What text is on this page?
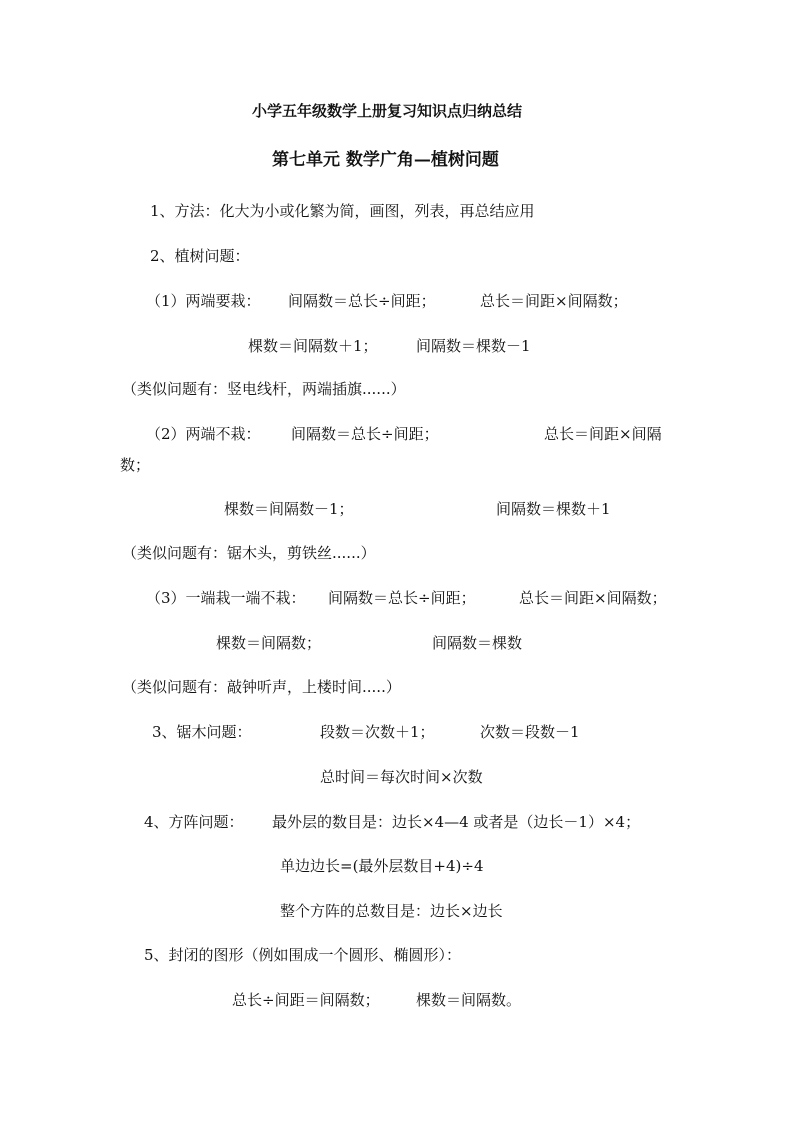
小学五年级数学上册复习知识点归纳总结
第七单元 数学广角—植树问题
1、方法：化大为小或化繁为简，画图，列表，再总结应用
2、植树问题：
（1）两端要栽： 间隔数＝总长÷间距；	总长＝间距×间隔数；
棵数＝间隔数＋1；	间隔数＝棵数－1
（类似问题有：竖电线杆，两端插旗......）
（2）两端不栽： 间隔数＝总长÷间距；	总长＝间距×间隔
数；
棵数＝间隔数－1；	间隔数＝棵数＋1
（类似问题有：锯木头，剪铁丝......）
（3）一端栽一端不栽： 间隔数＝总长÷间距；	总长＝间距×间隔数；
棵数＝间隔数；	间隔数＝棵数
（类似问题有：敲钟听声，上楼时间.....）
3、锯木问题：	段数＝次数＋1；	次数＝段数－1
总时间＝每次时间×次数
4、方阵问题： 最外层的数目是：边长×4—4 或者是（边长－1）×4；
单边边长=(最外层数目+4)÷4
整个方阵的总数目是：边长×边长
5、封闭的图形（例如围成一个圆形、椭圆形）：
总长÷间距＝间隔数； 棵数＝间隔数。
